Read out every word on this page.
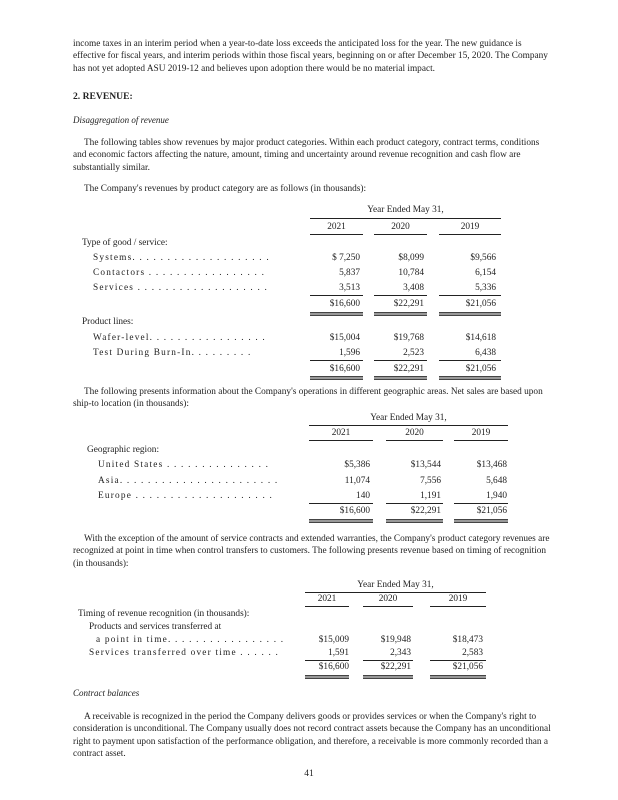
income taxes in an interim period when a year-to-date loss exceeds the anticipated loss for the year. The new guidance is effective for fiscal years, and interim periods within those fiscal years, beginning on or after December 15, 2020. The Company has not yet adopted ASU 2019-12 and believes upon adoption there would be no material impact.

2. REVENUE:

Disaggregation of revenue

The following tables show revenues by major product categories. Within each product category, contract terms, conditions and economic factors affecting the nature, amount, timing and uncertainty around revenue recognition and cash flow are substantially similar.

The Company's revenues by product category are as follows (in thousands):

Year Ended May 31,
2021	2020	2019
Type of good / service:
Systems. . . . . . . . . . . . . . . . . . . .	$ 7,250	$8,099	$9,566
Contactors . . . . . . . . . . . . . . . . .	5,837	10,784	6,154
Services . . . . . . . . . . . . . . . . . . .	3,513	3,408	5,336
$16,600	$22,291	$21,056
Product lines:
Wafer-level. . . . . . . . . . . . . . . . .	$15,004	$19,768	$14,618
Test During Burn-In. . . . . . . . .	1,596	2,523	6,438
$16,600	$22,291	$21,056

The following presents information about the Company's operations in different geographic areas. Net sales are based upon ship-to location (in thousands):

Year Ended May 31,
2021	2020	2019
Geographic region:
United States . . . . . . . . . . . . . . .	$5,386	$13,544	$13,468
Asia. . . . . . . . . . . . . . . . . . . . . . .	11,074	7,556	5,648
Europe . . . . . . . . . . . . . . . . . . . .	140	1,191	1,940
$16,600	$22,291	$21,056

With the exception of the amount of service contracts and extended warranties, the Company's product category revenues are recognized at point in time when control transfers to customers. The following presents revenue based on timing of recognition (in thousands):

Year Ended May 31,
2021	2020	2019
Timing of revenue recognition (in thousands):
Products and services transferred at
a point in time. . . . . . . . . . . . . . . . .	$15,009	$19,948	$18,473
Services transferred over time . . . . . .	1,591	2,343	2,583
$16,600	$22,291	$21,056

Contract balances

A receivable is recognized in the period the Company delivers goods or provides services or when the Company's right to consideration is unconditional. The Company usually does not record contract assets because the Company has an unconditional right to payment upon satisfaction of the performance obligation, and therefore, a receivable is more commonly recorded than a contract asset.

41
